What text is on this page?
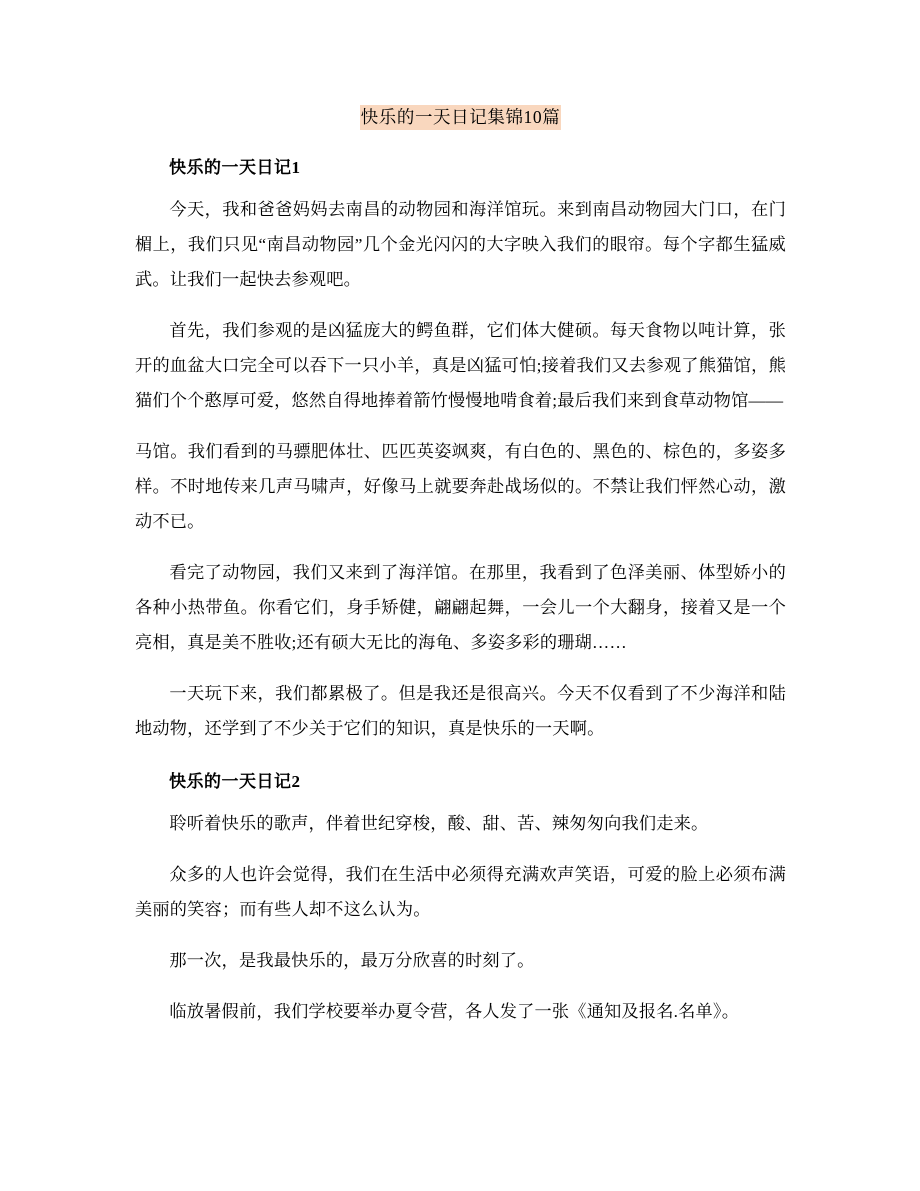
快乐的一天日记集锦10篇
快乐的一天日记1

今天，我和爸爸妈妈去南昌的动物园和海洋馆玩。来到南昌动物园大门口，在门楣上，我们只见“南昌动物园”几个金光闪闪的大字映入我们的眼帘。每个字都生猛威武。让我们一起快去参观吧。

首先，我们参观的是凶猛庞大的鳄鱼群，它们体大健硕。每天食物以吨计算，张开的血盆大口完全可以吞下一只小羊，真是凶猛可怕;接着我们又去参观了熊猫馆，熊猫们个个憨厚可爱，悠然自得地捧着箭竹慢慢地啃食着;最后我们来到食草动物馆——

马馆。我们看到的马骠肥体壮、匹匹英姿飒爽，有白色的、黑色的、棕色的，多姿多样。不时地传来几声马啸声，好像马上就要奔赴战场似的。不禁让我们怦然心动，激动不已。

看完了动物园，我们又来到了海洋馆。在那里，我看到了色泽美丽、体型娇小的各种小热带鱼。你看它们，身手矫健，翩翩起舞，一会儿一个大翻身，接着又是一个亮相，真是美不胜收;还有硕大无比的海龟、多姿多彩的珊瑚……

一天玩下来，我们都累极了。但是我还是很高兴。今天不仅看到了不少海洋和陆地动物，还学到了不少关于它们的知识，真是快乐的一天啊。

快乐的一天日记2

聆听着快乐的歌声，伴着世纪穿梭，酸、甜、苦、辣匆匆向我们走来。

众多的人也许会觉得，我们在生活中必须得充满欢声笑语，可爱的脸上必须布满美丽的笑容；而有些人却不这么认为。

那一次，是我最快乐的，最万分欣喜的时刻了。

临放暑假前，我们学校要举办夏令营，各人发了一张《通知及报名.名单》。
